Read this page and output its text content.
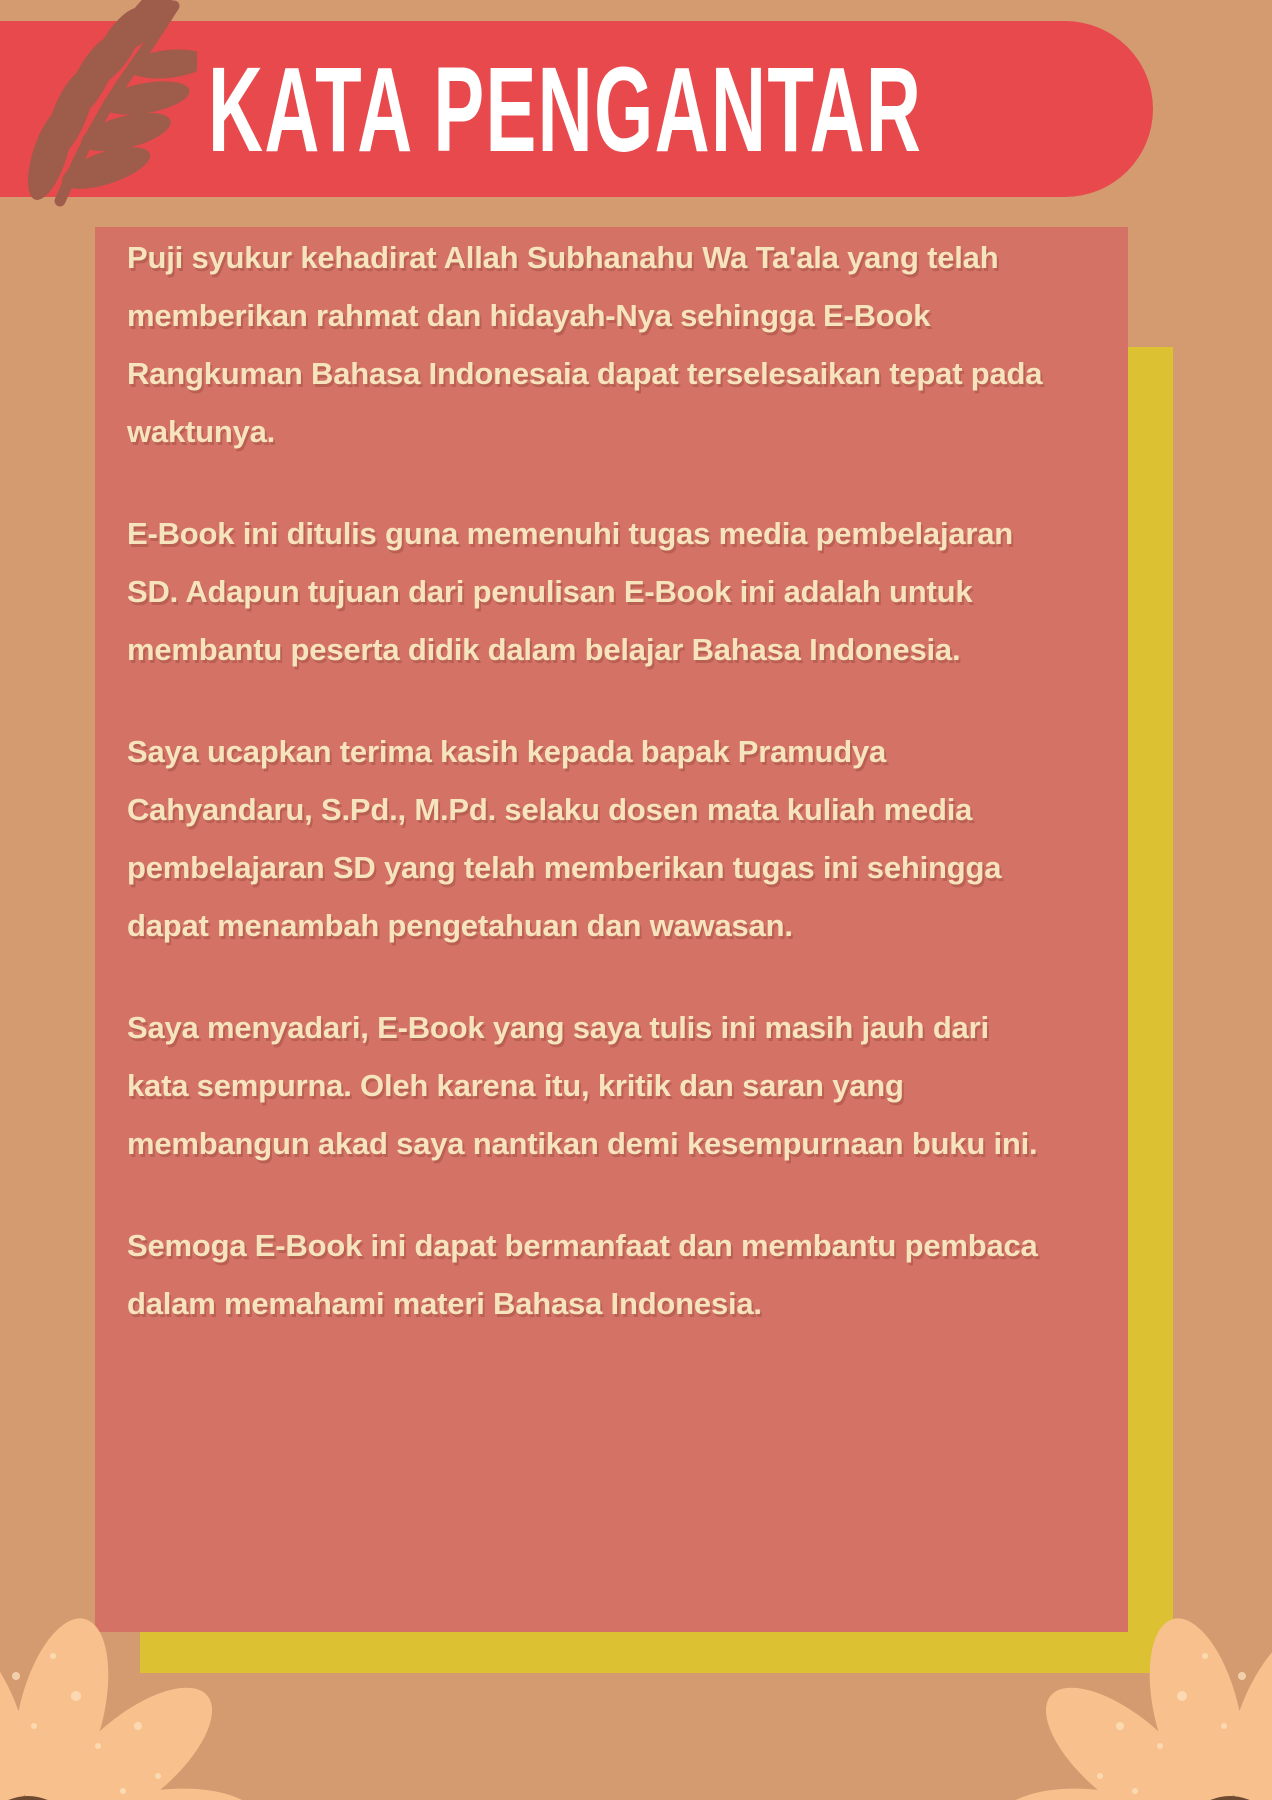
KATA PENGANTAR
Puji syukur kehadirat Allah Subhanahu Wa Ta'ala yang telah
memberikan rahmat dan hidayah-Nya sehingga E-Book
Rangkuman Bahasa Indonesaia dapat terselesaikan tepat pada
waktunya.
E-Book ini ditulis guna memenuhi tugas media pembelajaran
SD. Adapun tujuan dari penulisan E-Book ini adalah untuk
membantu peserta didik dalam belajar Bahasa Indonesia.
Saya ucapkan terima kasih kepada bapak Pramudya
Cahyandaru, S.Pd., M.Pd. selaku dosen mata kuliah media
pembelajaran SD yang telah memberikan tugas ini sehingga
dapat menambah pengetahuan dan wawasan.
Saya menyadari, E-Book yang saya tulis ini masih jauh dari
kata sempurna. Oleh karena itu, kritik dan saran yang
membangun akad saya nantikan demi kesempurnaan buku ini.
Semoga E-Book ini dapat bermanfaat dan membantu pembaca
dalam memahami materi Bahasa Indonesia.
